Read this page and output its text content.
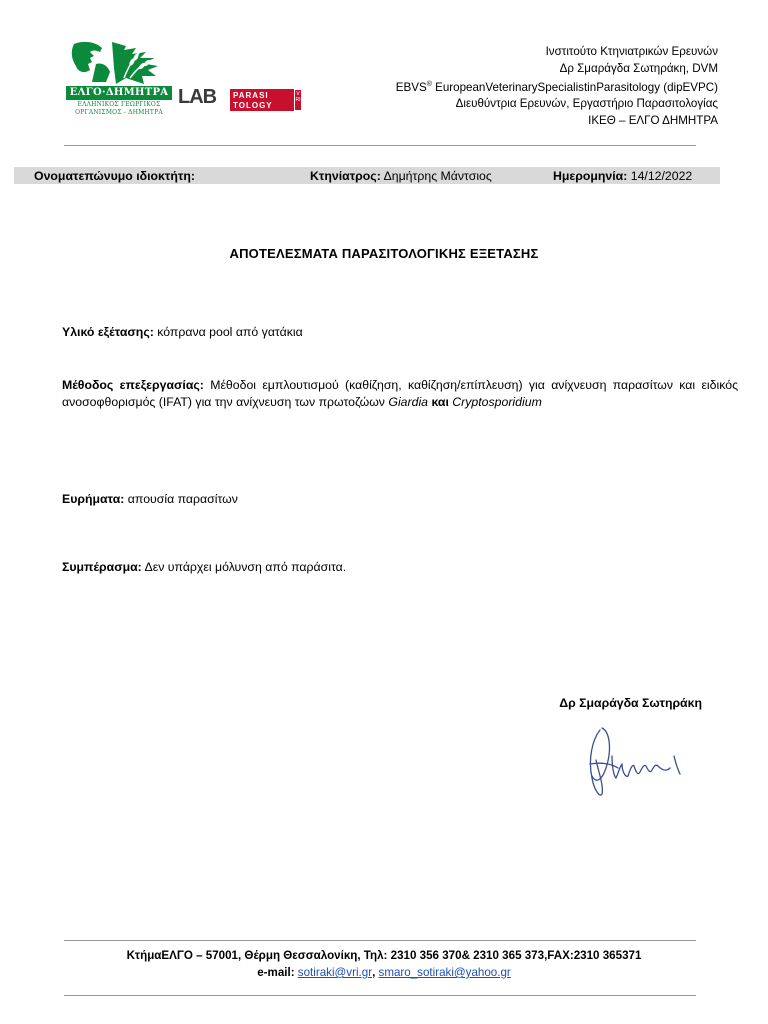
ΕΛΓΟ·ΔΗΜΗΤΡΑ
ΕΛΛΗΝΙΚΟΣ ΓΕΩΡΓΙΚΟΣ
ΟΡΓΑΝΙΣΜΟΣ - ΔΗΜΗΤΡΑ
LAB PARASI
TOLOGY
VRI
Ινστιτούτο Κτηνιατρικών Ερευνών
Δρ Σμαράγδα Σωτηράκη, DVM
EBVS® EuropeanVeterinarySpecialistinParasitology (dipEVPC)
Διευθύντρια Ερευνών, Εργαστήριο Παρασιτολογίας
ΙΚΕΘ – ΕΛΓΟ ΔΗΜΗΤΡΑ
Ονοματεπώνυμο ιδιοκτήτη:	Κτηνίατρος: Δημήτρης Μάντσιος	Ημερομηνία: 14/12/2022
ΑΠΟΤΕΛΕΣΜΑΤΑ ΠΑΡΑΣΙΤΟΛΟΓΙΚΗΣ ΕΞΕΤΑΣΗΣ
Υλικό εξέτασης: κόπρανα pool από γατάκια
Μέθοδος επεξεργασίας: Μέθοδοι εμπλουτισμού (καθίζηση, καθίζηση/επίπλευση) για ανίχνευση παρασίτων και ειδικός ανοσοφθορισμός (IFAT) για την ανίχνευση των πρωτοζώων Giardia και Cryptosporidium
Ευρήματα: απουσία παρασίτων
Συμπέρασμα: Δεν υπάρχει μόλυνση από παράσιτα.
Δρ Σμαράγδα Σωτηράκη
ΚτήμαΕΛΓΟ – 57001, Θέρμη Θεσσαλονίκη, Τηλ: 2310 356 370& 2310 365 373,FAX:2310 365371
e-mail: sotiraki@vri.gr, smaro_sotiraki@yahoo.gr
